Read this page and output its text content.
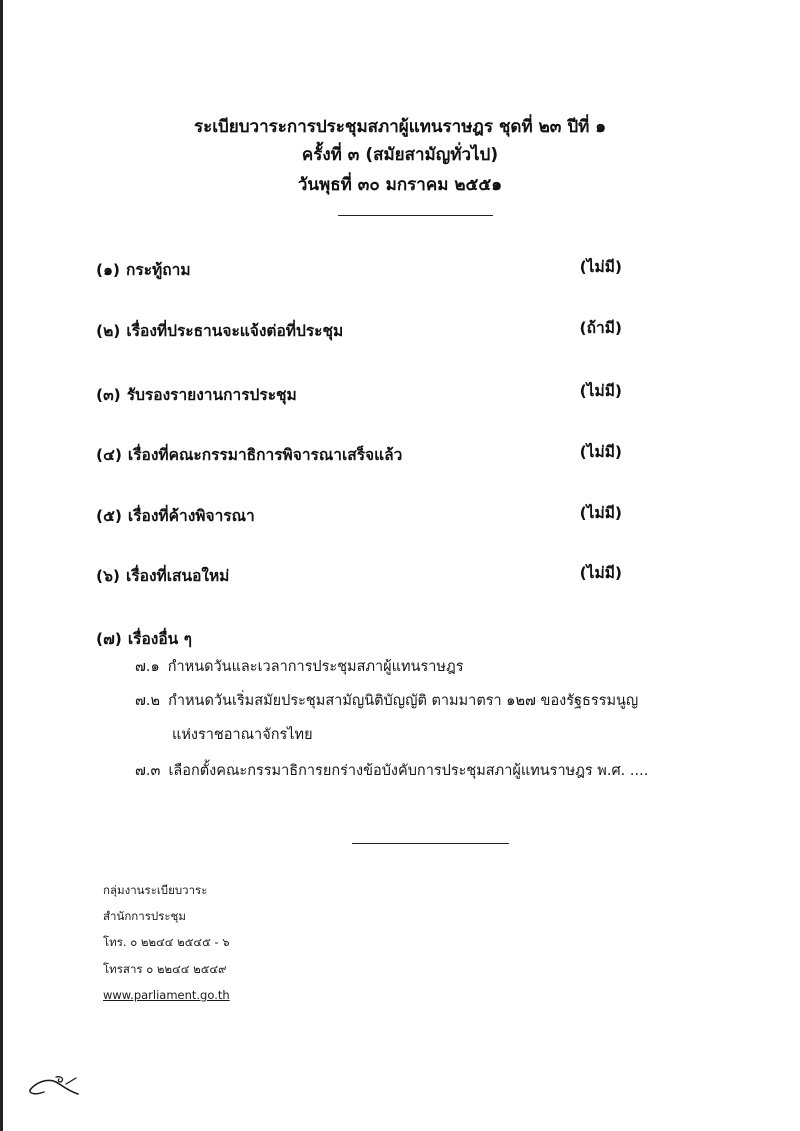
ระเบียบวาระการประชุมสภาผู้แทนราษฎร ชุดที่ ๒๓ ปีที่ ๑
ครั้งที่ ๓ (สมัยสามัญทั่วไป)
วันพุธที่ ๓๐ มกราคม ๒๕๕๑
(๑) กระทู้ถาม	(ไม่มี)
(๒) เรื่องที่ประธานจะแจ้งต่อที่ประชุม	(ถ้ามี)
(๓) รับรองรายงานการประชุม	(ไม่มี)
(๔) เรื่องที่คณะกรรมาธิการพิจารณาเสร็จแล้ว	(ไม่มี)
(๕) เรื่องที่ค้างพิจารณา	(ไม่มี)
(๖) เรื่องที่เสนอใหม่	(ไม่มี)
(๗) เรื่องอื่น ๆ
๗.๑ กำหนดวันและเวลาการประชุมสภาผู้แทนราษฎร
๗.๒ กำหนดวันเริ่มสมัยประชุมสามัญนิติบัญญัติ ตามมาตรา ๑๒๗ ของรัฐธรรมนูญ
แห่งราชอาณาจักรไทย
๗.๓ เลือกตั้งคณะกรรมาธิการยกร่างข้อบังคับการประชุมสภาผู้แทนราษฎร พ.ศ. ....
กลุ่มงานระเบียบวาระ
สำนักการประชุม
โทร. ๐ ๒๒๔๔ ๒๕๔๕ - ๖
โทรสาร ๐ ๒๒๔๔ ๒๕๔๙
www.parliament.go.th
